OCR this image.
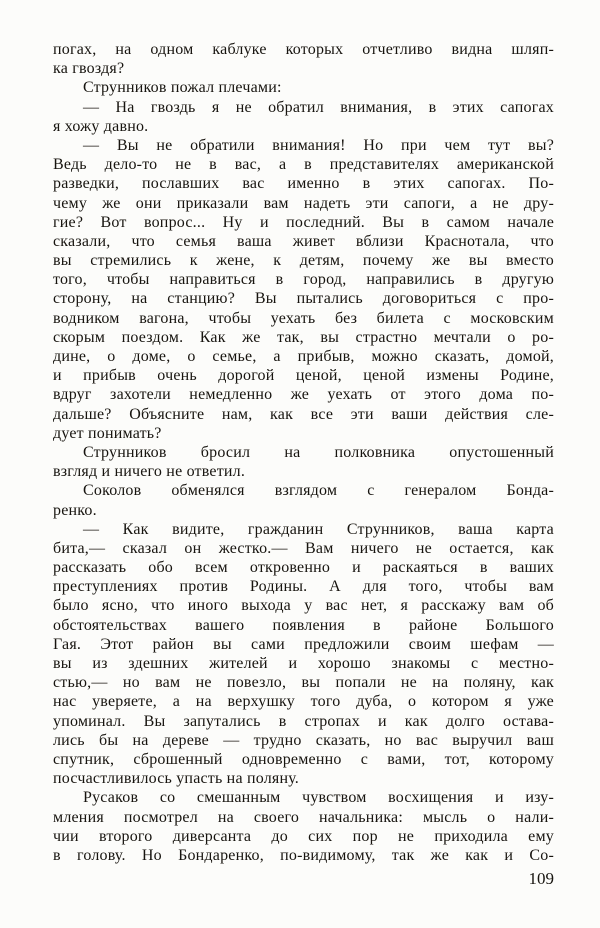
погах, на одном каблуке которых отчетливо видна шляп-
ка гвоздя?
Струнников пожал плечами:
— На гвоздь я не обратил внимания, в этих сапогах
я хожу давно.
— Вы не обратили внимания! Но при чем тут вы?
Ведь дело-то не в вас, а в представителях американской
разведки, пославших вас именно в этих сапогах. По-
чему же они приказали вам надеть эти сапоги, а не дру-
гие? Вот вопрос... Ну и последний. Вы в самом начале
сказали, что семья ваша живет вблизи Краснотала, что
вы стремились к жене, к детям, почему же вы вместо
того, чтобы направиться в город, направились в другую
сторону, на станцию? Вы пытались договориться с про-
водником вагона, чтобы уехать без билета с московским
скорым поездом. Как же так, вы страстно мечтали о ро-
дине, о доме, о семье, а прибыв, можно сказать, домой,
и прибыв очень дорогой ценой, ценой измены Родине,
вдруг захотели немедленно же уехать от этого дома по-
дальше? Объясните нам, как все эти ваши действия сле-
дует понимать?
Струнников бросил на полковника опустошенный
взгляд и ничего не ответил.
Соколов обменялся взглядом с генералом Бонда-
ренко.
— Как видите, гражданин Струнников, ваша карта
бита,— сказал он жестко.— Вам ничего не остается, как
рассказать обо всем откровенно и раскаяться в ваших
преступлениях против Родины. А для того, чтобы вам
было ясно, что иного выхода у вас нет, я расскажу вам об
обстоятельствах вашего появления в районе Большого
Гая. Этот район вы сами предложили своим шефам —
вы из здешних жителей и хорошо знакомы с местно-
стью,— но вам не повезло, вы попали не на поляну, как
нас уверяете, а на верхушку того дуба, о котором я уже
упоминал. Вы запутались в стропах и как долго остава-
лись бы на дереве — трудно сказать, но вас выручил ваш
спутник, сброшенный одновременно с вами, тот, которому
посчастливилось упасть на поляну.
Русаков со смешанным чувством восхищения и изу-
мления посмотрел на своего начальника: мысль о нали-
чии второго диверсанта до сих пор не приходила ему
в голову. Но Бондаренко, по-видимому, так же как и Со-
109
